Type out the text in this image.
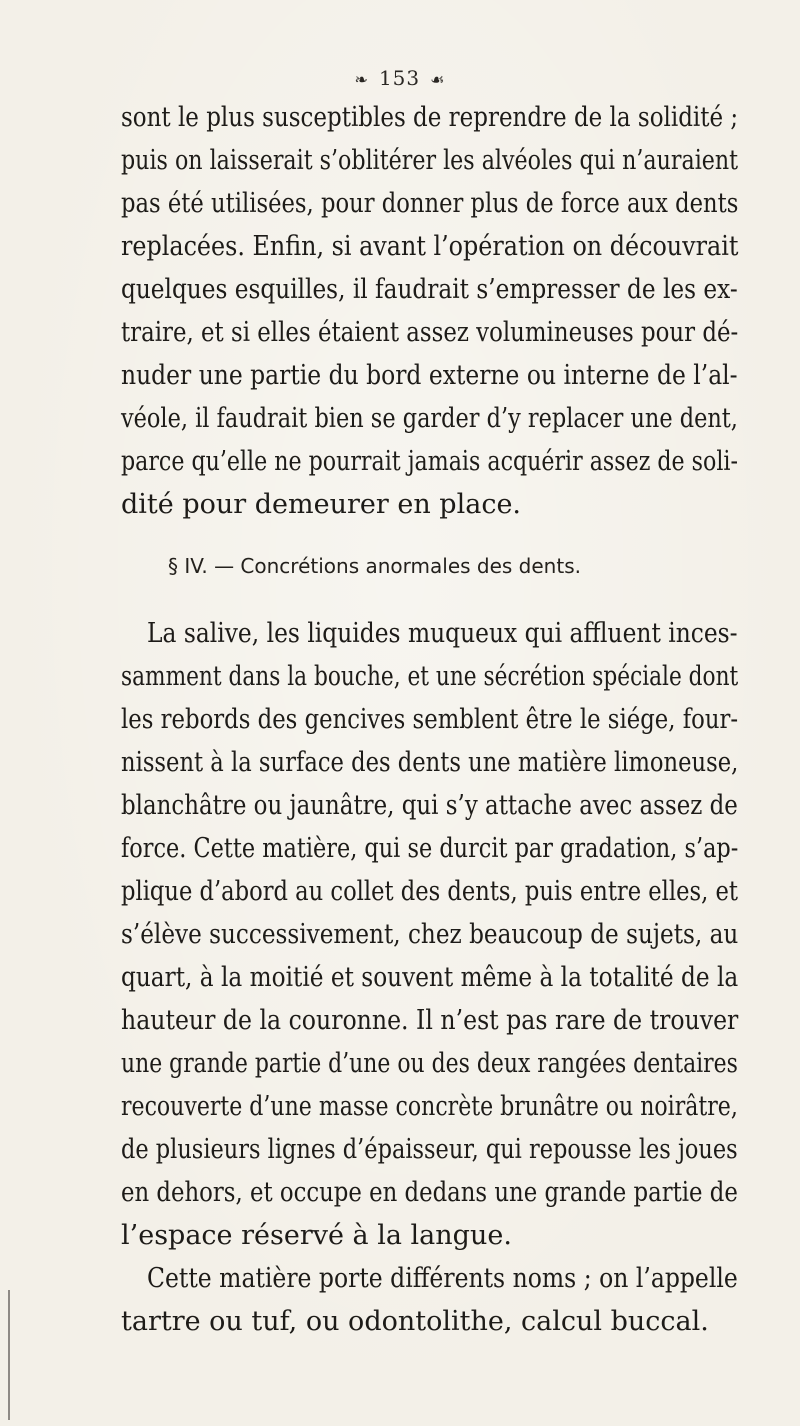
❧ 153 ☙
sont le plus susceptibles de reprendre de la solidité ;
puis on laisserait s’oblitérer les alvéoles qui n’auraient
pas été utilisées, pour donner plus de force aux dents
replacées. Enfin, si avant l’opération on découvrait
quelques esquilles, il faudrait s’empresser de les ex-
traire, et si elles étaient assez volumineuses pour dé-
nuder une partie du bord externe ou interne de l’al-
véole, il faudrait bien se garder d’y replacer une dent,
parce qu’elle ne pourrait jamais acquérir assez de soli-
dité pour demeurer en place.
§ IV. — Concrétions anormales des dents.
La salive, les liquides muqueux qui affluent inces-
samment dans la bouche, et une sécrétion spéciale dont
les rebords des gencives semblent être le siége, four-
nissent à la surface des dents une matière limoneuse,
blanchâtre ou jaunâtre, qui s’y attache avec assez de
force. Cette matière, qui se durcit par gradation, s’ap-
plique d’abord au collet des dents, puis entre elles, et
s’élève successivement, chez beaucoup de sujets, au
quart, à la moitié et souvent même à la totalité de la
hauteur de la couronne. Il n’est pas rare de trouver
une grande partie d’une ou des deux rangées dentaires
recouverte d’une masse concrète brunâtre ou noirâtre,
de plusieurs lignes d’épaisseur, qui repousse les joues
en dehors, et occupe en dedans une grande partie de
l’espace réservé à la langue.
Cette matière porte différents noms ; on l’appelle
tartre ou tuf, ou odontolithe, calcul buccal.
